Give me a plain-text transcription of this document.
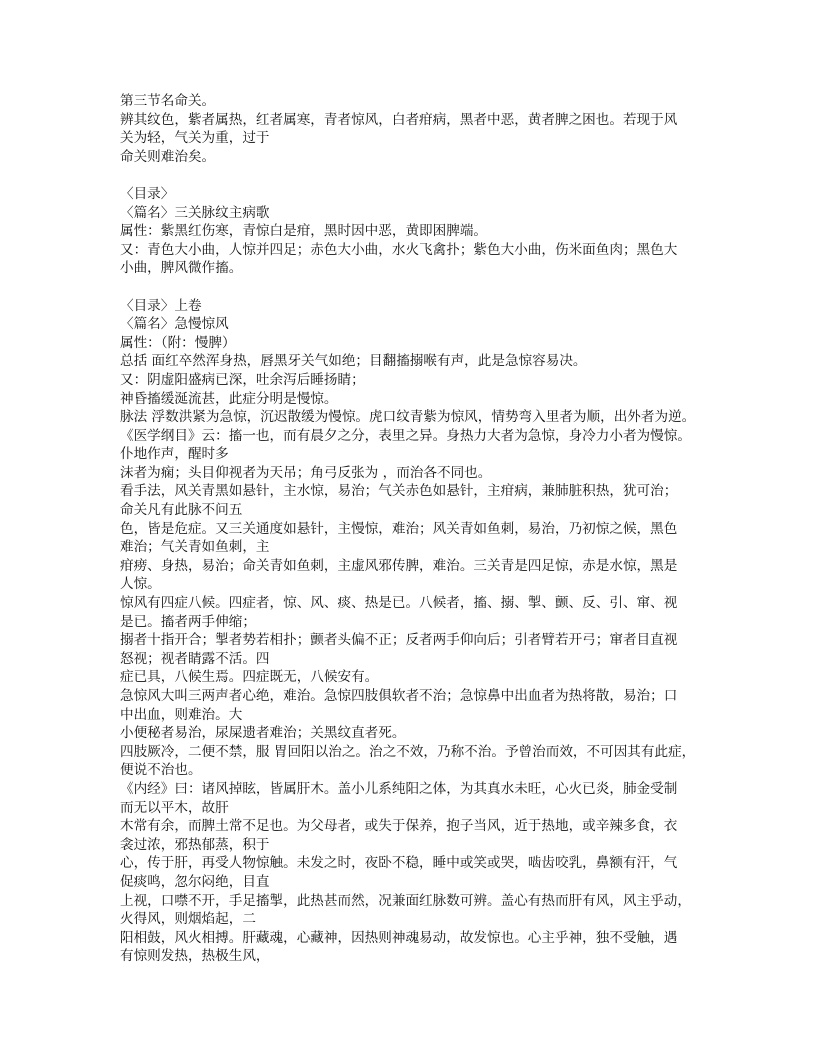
第三节名命关。
辨其纹色，紫者属热，红者属寒，青者惊风，白者疳病，黑者中恶，黄者脾之困也。若现于风
关为轻，气关为重，过于
命关则难治矣。
〈目录〉
〈篇名〉三关脉纹主病歌
属性：紫黑红伤寒，青惊白是疳，黑时因中恶，黄即困脾端。
又：青色大小曲，人惊并四足；赤色大小曲，水火飞禽扑；紫色大小曲，伤米面鱼肉；黑色大
小曲，脾风微作搐。
〈目录〉上卷
〈篇名〉急慢惊风
属性：（附：慢脾）
总括 面红卒然浑身热，唇黑牙关气如绝；目翻搐搦喉有声，此是急惊容易决。
又：阴虚阳盛病已深，吐余泻后睡扬睛；
神昏搐缓涎流甚，此症分明是慢惊。
脉法 浮数洪紧为急惊，沉迟散缓为慢惊。虎口纹青紫为惊风，情势弯入里者为顺，出外者为逆。
《医学纲目》云：搐一也，而有晨夕之分，表里之异。身热力大者为急惊，身冷力小者为慢惊。
仆地作声，醒时多
沫者为痫；头目仰视者为天吊；角弓反张为 ，而治各不同也。
看手法，风关青黑如悬针，主水惊，易治；气关赤色如悬针，主疳病，兼肺脏积热，犹可治；
命关凡有此脉不问五
色，皆是危症。又三关通度如悬针，主慢惊，难治；风关青如鱼刺，易治，乃初惊之候，黑色
难治；气关青如鱼刺，主
疳痨、身热，易治；命关青如鱼刺，主虚风邪传脾，难治。三关青是四足惊，赤是水惊，黑是
人惊。
惊风有四症八候。四症者，惊、风、痰、热是已。八候者，搐、搦、掣、颤、反、引、窜、视
是已。搐者两手伸缩；
搦者十指开合；掣者势若相扑；颤者头偏不正；反者两手仰向后；引者臂若开弓；窜者目直视
怒视；视者睛露不活。四
症已具，八候生焉。四症既无，八候安有。
急惊风大叫三两声者心绝，难治。急惊四肢俱软者不治；急惊鼻中出血者为热将散，易治；口
中出血，则难治。大
小便秘者易治，尿屎遗者难治；关黑纹直者死。
四肢厥冷，二便不禁，服 胃回阳以治之。治之不效，乃称不治。予曾治而效，不可因其有此症，
便说不治也。
《内经》曰：诸风掉眩，皆属肝木。盖小儿系纯阳之体，为其真水未旺，心火已炎，肺金受制
而无以平木，故肝
木常有余，而脾土常不足也。为父母者，或失于保养，抱子当风，近于热地，或辛辣多食，衣
衾过浓，邪热郁蒸，积于
心，传于肝，再受人物惊触。未发之时，夜卧不稳，睡中或笑或哭，啮齿咬乳，鼻额有汗，气
促痰鸣，忽尔闷绝，目直
上视，口噤不开，手足搐掣，此热甚而然，况兼面红脉数可辨。盖心有热而肝有风，风主乎动，
火得风，则烟焰起，二
阳相鼓，风火相搏。肝藏魂，心藏神，因热则神魂易动，故发惊也。心主乎神，独不受触，遇
有惊则发热，热极生风，
